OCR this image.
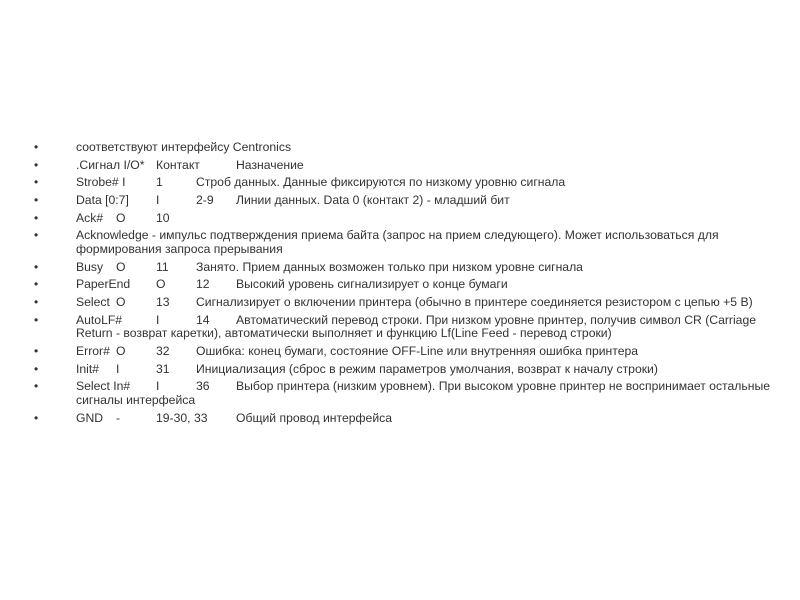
•	соответствуют интерфейсу Centronics
•	.Сигнал I/O*	Контакт	Назначение
•	Strobe# I	1	Строб данных. Данные фиксируются по низкому уровню сигнала
•	Data [0:7]	I	2-9	Линии данных. Data 0 (контакт 2) - младший бит
•	Ack#	O	10
•	Acknowledge - импульс подтверждения приема байта (запрос на прием следующего). Может использоваться для формирования запроса прерывания
•	Busy	O	11	Занято. Прием данных возможен только при низком уровне сигнала
•	PaperEnd	O	12	Высокий уровень сигнализирует о конце бумаги
•	Select	O	13	Сигнализирует о включении принтера (обычно в принтере соединяется резистором с цепью +5 В)
•	AutoLF#	I	14	Автоматический перевод строки. При низком уровне принтер, получив символ CR (Carriage Return - возврат каретки), автоматически выполняет и функцию Lf(Line Feed - перевод строки)
•	Error#	O	32	Ошибка: конец бумаги, состояние OFF-Line или внутренняя ошибка принтера
•	Init#	I	31	Инициализация (сброс в режим параметров умолчания, возврат к началу строки)
•	Select In#	I	36	Выбор принтера (низким уровнем). При высоком уровне принтер не воспринимает остальные сигналы интерфейса
•	GND	-	19-30, 33	Общий провод интерфейса
